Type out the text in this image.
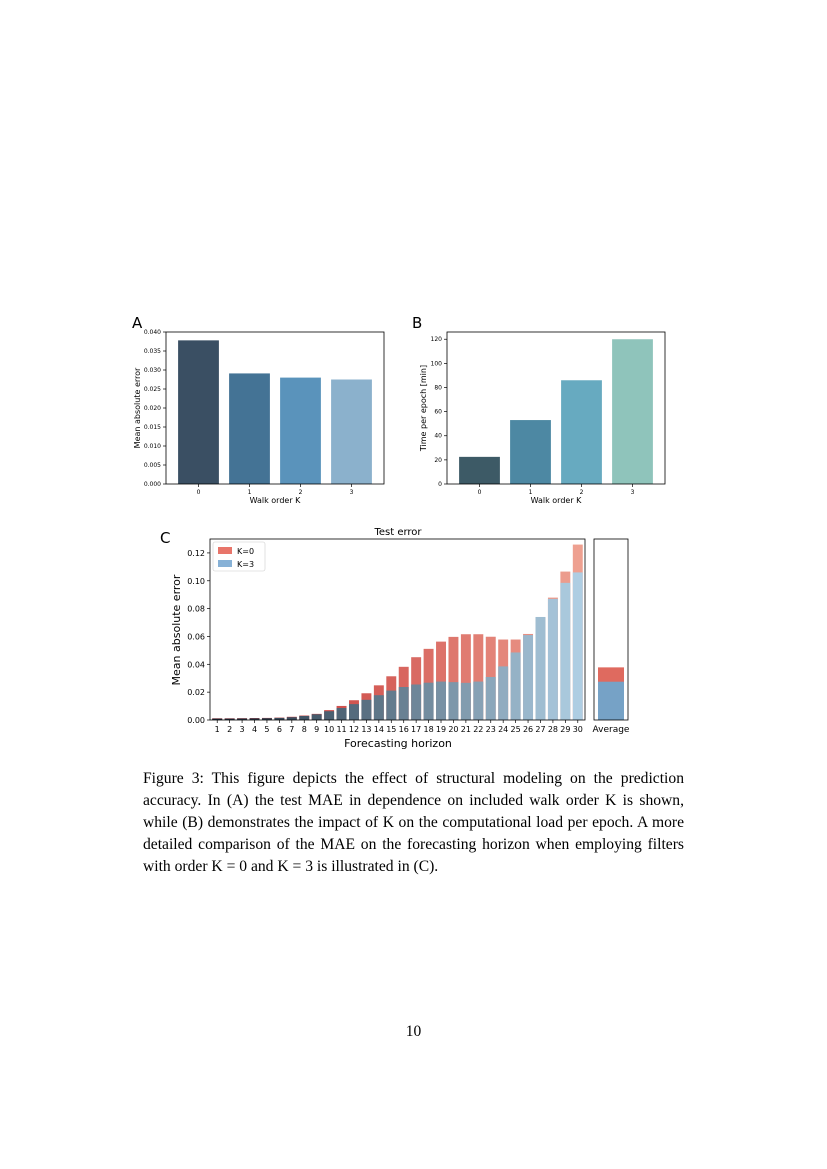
A
0.000
0.005
0.010
0.015
0.020
0.025
0.030
0.035
0.040
0	1	2	3
Walk order K
Mean absolute error
B
0
20
40
60
80
100
120
0	1	2	3
Walk order K
Time per epoch [min]
C	Test error
0.00
0.02
0.04
0.06
0.08
0.10
0.12
1 2 3 4 5 6 7 8 9 10 11 12 13 14 15 16 17 18 19 20 21 22 23 24 25 26 27 28 29 30
Forecasting horizon
Mean absolute error
K=0
K=3
Average
Figure 3: This figure depicts the effect of structural modeling on the prediction accuracy. In (A) the test MAE in dependence on included walk order K is shown, while (B) demonstrates the impact of K on the computational load per epoch. A more detailed comparison of the MAE on the forecasting horizon when employing filters with order K = 0 and K = 3 is illustrated in (C).
10
